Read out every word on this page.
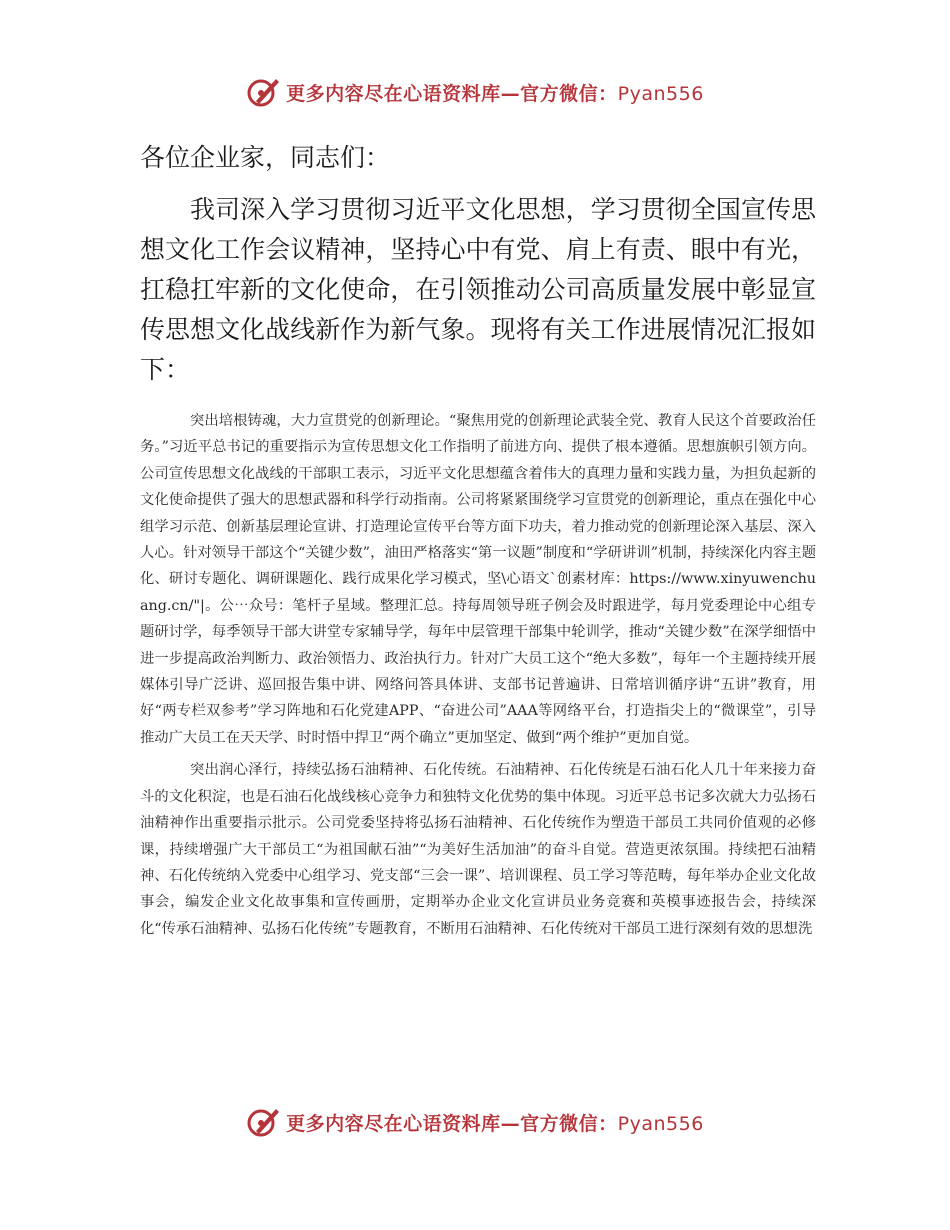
更多内容尽在心语资料库—官方微信：Pyan556

各位企业家，同志们：

我司深入学习贯彻习近平文化思想，学习贯彻全国宣传思想文化工作会议精神，坚持心中有党、肩上有责、眼中有光，扛稳扛牢新的文化使命，在引领推动公司高质量发展中彰显宣传思想文化战线新作为新气象。现将有关工作进展情况汇报如下：

突出培根铸魂，大力宣贯党的创新理论。“聚焦用党的创新理论武装全党、教育人民这个首要政治任务。”习近平总书记的重要指示为宣传思想文化工作指明了前进方向、提供了根本遵循。思想旗帜引领方向。公司宣传思想文化战线的干部职工表示，习近平文化思想蕴含着伟大的真理力量和实践力量，为担负起新的文化使命提供了强大的思想武器和科学行动指南。公司将紧紧围绕学习宣贯党的创新理论，重点在强化中心组学习示范、创新基层理论宣讲、打造理论宣传平台等方面下功夫，着力推动党的创新理论深入基层、深入人心。针对领导干部这个“关键少数”，油田严格落实“第一议题”制度和“学研讲训”机制，持续深化内容主题化、研讨专题化、调研课题化、践行成果化学习模式，坚\心语文`创素材库：https://www.xinyuwenchuang.cn/"|。公⋯众号：笔杆子星域。整理汇总。持每周领导班子例会及时跟进学，每月党委理论中心组专题研讨学，每季领导干部大讲堂专家辅导学，每年中层管理干部集中轮训学，推动“关键少数”在深学细悟中进一步提高政治判断力、政治领悟力、政治执行力。针对广大员工这个“绝大多数”，每年一个主题持续开展媒体引导广泛讲、巡回报告集中讲、网络问答具体讲、支部书记普遍讲、日常培训循序讲“五讲”教育，用好“两专栏双参考”学习阵地和石化党建APP、“奋进公司”AAA等网络平台，打造指尖上的“微课堂”，引导推动广大员工在天天学、时时悟中捍卫“两个确立”更加坚定、做到“两个维护”更加自觉。

突出润心泽行，持续弘扬石油精神、石化传统。石油精神、石化传统是石油石化人几十年来接力奋斗的文化积淀，也是石油石化战线核心竞争力和独特文化优势的集中体现。习近平总书记多次就大力弘扬石油精神作出重要指示批示。公司党委坚持将弘扬石油精神、石化传统作为塑造干部员工共同价值观的必修课，持续增强广大干部员工“为祖国献石油”“为美好生活加油”的奋斗自觉。营造更浓氛围。持续把石油精神、石化传统纳入党委中心组学习、党支部“三会一课”、培训课程、员工学习等范畴，每年举办企业文化故事会，编发企业文化故事集和宣传画册，定期举办企业文化宣讲员业务竞赛和英模事迹报告会，持续深化“传承石油精神、弘扬石化传统”专题教育，不断用石油精神、石化传统对干部员工进行深刻有效的思想洗

更多内容尽在心语资料库—官方微信：Pyan556
